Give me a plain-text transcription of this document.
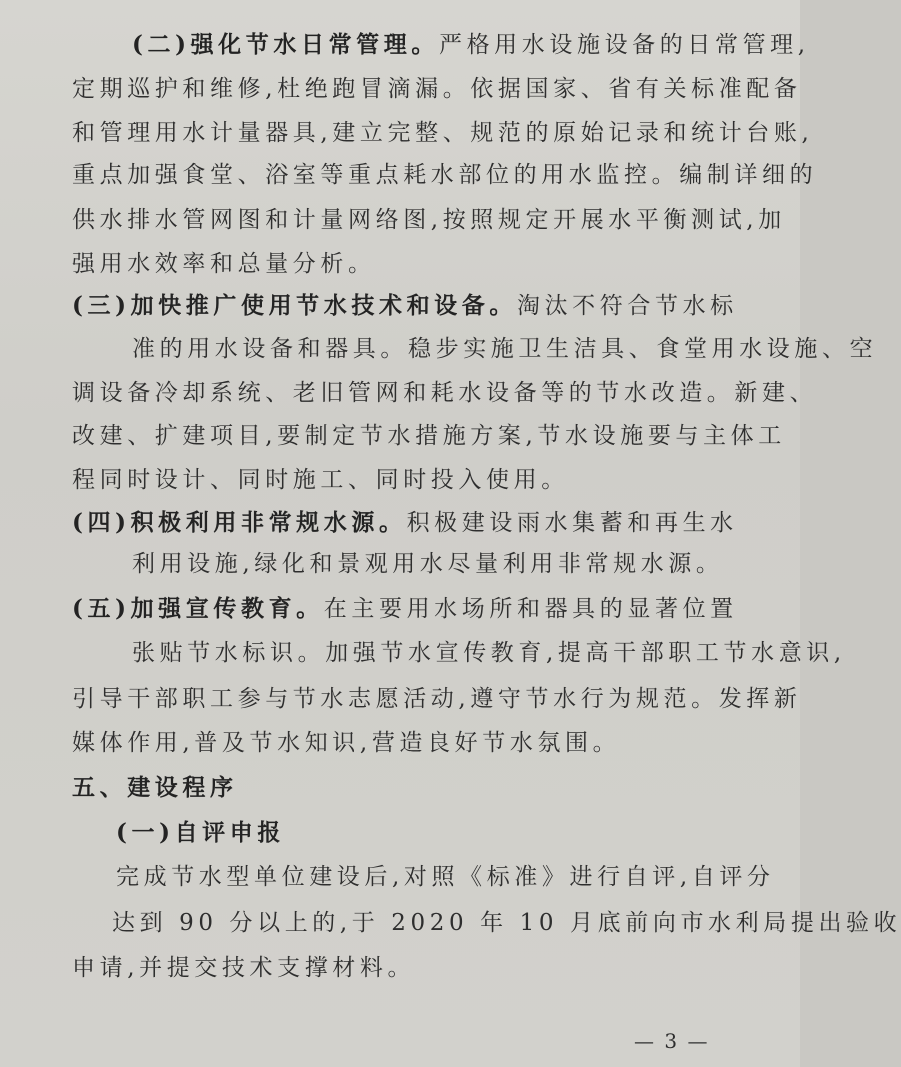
(二)强化节水日常管理。严格用水设施设备的日常管理,
定期巡护和维修,杜绝跑冒滴漏。依据国家、省有关标准配备
和管理用水计量器具,建立完整、规范的原始记录和统计台账,
重点加强食堂、浴室等重点耗水部位的用水监控。编制详细的
供水排水管网图和计量网络图,按照规定开展水平衡测试,加
强用水效率和总量分析。
(三)加快推广使用节水技术和设备。淘汰不符合节水标
准的用水设备和器具。稳步实施卫生洁具、食堂用水设施、空
调设备冷却系统、老旧管网和耗水设备等的节水改造。新建、
改建、扩建项目,要制定节水措施方案,节水设施要与主体工
程同时设计、同时施工、同时投入使用。
(四)积极利用非常规水源。积极建设雨水集蓄和再生水
利用设施,绿化和景观用水尽量利用非常规水源。
(五)加强宣传教育。在主要用水场所和器具的显著位置
张贴节水标识。加强节水宣传教育,提高干部职工节水意识,
引导干部职工参与节水志愿活动,遵守节水行为规范。发挥新
媒体作用,普及节水知识,营造良好节水氛围。
五、建设程序
(一)自评申报
完成节水型单位建设后,对照《标准》进行自评,自评分
达到 90 分以上的,于 2020 年 10 月底前向市水利局提出验收
申请,并提交技术支撑材料。
— 3 —
